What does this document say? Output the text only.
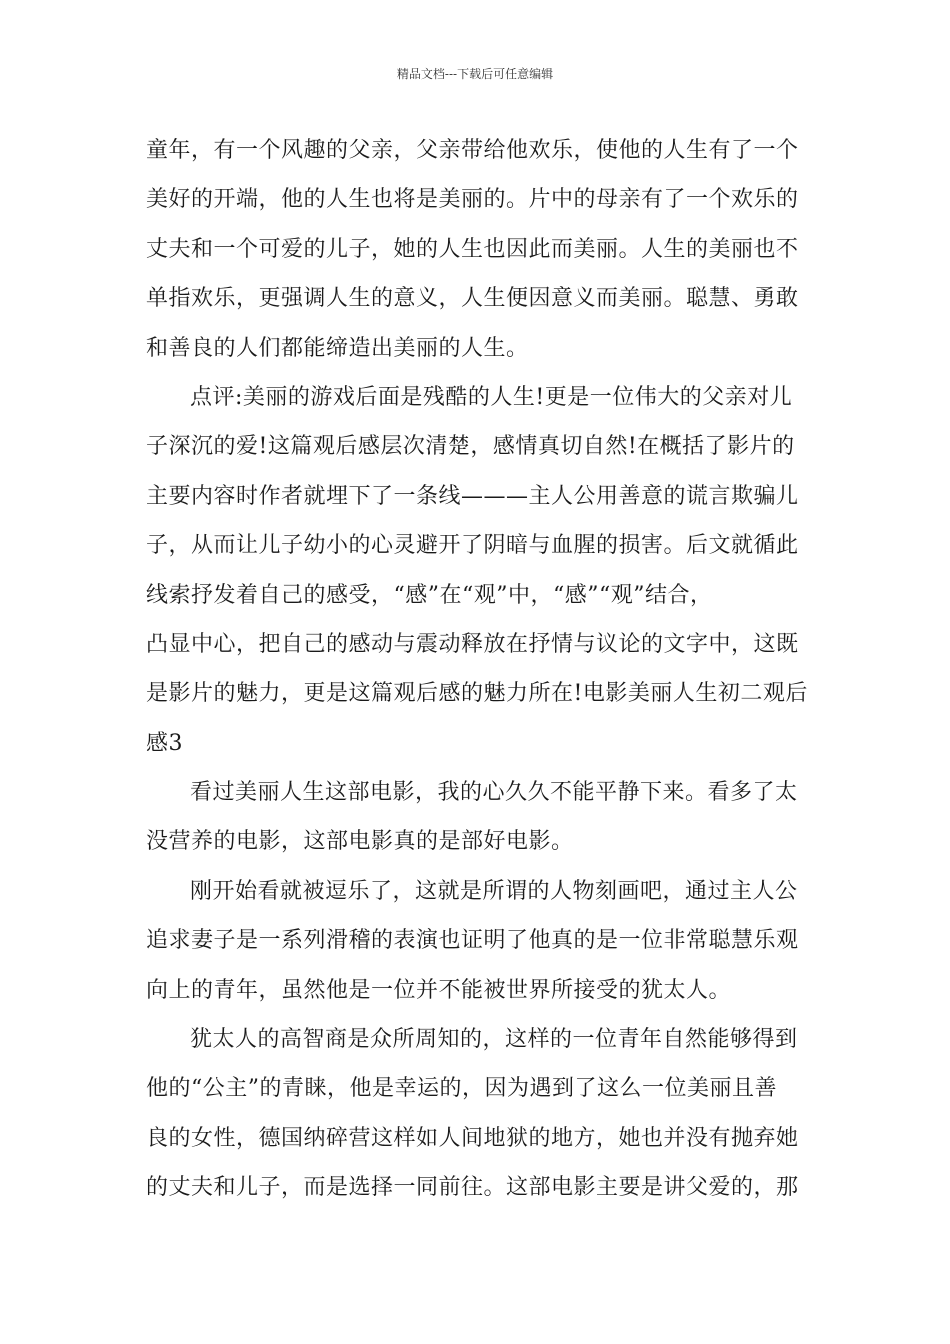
精品文档---下载后可任意编辑
童年，有一个风趣的父亲，父亲带给他欢乐，使他的人生有了一个
美好的开端，他的人生也将是美丽的。片中的母亲有了一个欢乐的
丈夫和一个可爱的儿子，她的人生也因此而美丽。人生的美丽也不
单指欢乐，更强调人生的意义，人生便因意义而美丽。聪慧、勇敢
和善良的人们都能缔造出美丽的人生。
点评:美丽的游戏后面是残酷的人生!更是一位伟大的父亲对儿
子深沉的爱!这篇观后感层次清楚，感情真切自然!在概括了影片的
主要内容时作者就埋下了一条线———主人公用善意的谎言欺骗儿
子，从而让儿子幼小的心灵避开了阴暗与血腥的损害。后文就循此
线索抒发着自己的感受，“感”在“观”中，“感”“观”结合，
凸显中心，把自己的感动与震动释放在抒情与议论的文字中，这既
是影片的魅力，更是这篇观后感的魅力所在!电影美丽人生初二观后
感3
看过美丽人生这部电影，我的心久久不能平静下来。看多了太
没营养的电影，这部电影真的是部好电影。
刚开始看就被逗乐了，这就是所谓的人物刻画吧，通过主人公
追求妻子是一系列滑稽的表演也证明了他真的是一位非常聪慧乐观
向上的青年，虽然他是一位并不能被世界所接受的犹太人。
犹太人的高智商是众所周知的，这样的一位青年自然能够得到
他的“公主”的青睐，他是幸运的，因为遇到了这么一位美丽且善
良的女性，德国纳碎营这样如人间地狱的地方，她也并没有抛弃她
的丈夫和儿子，而是选择一同前往。这部电影主要是讲父爱的，那
